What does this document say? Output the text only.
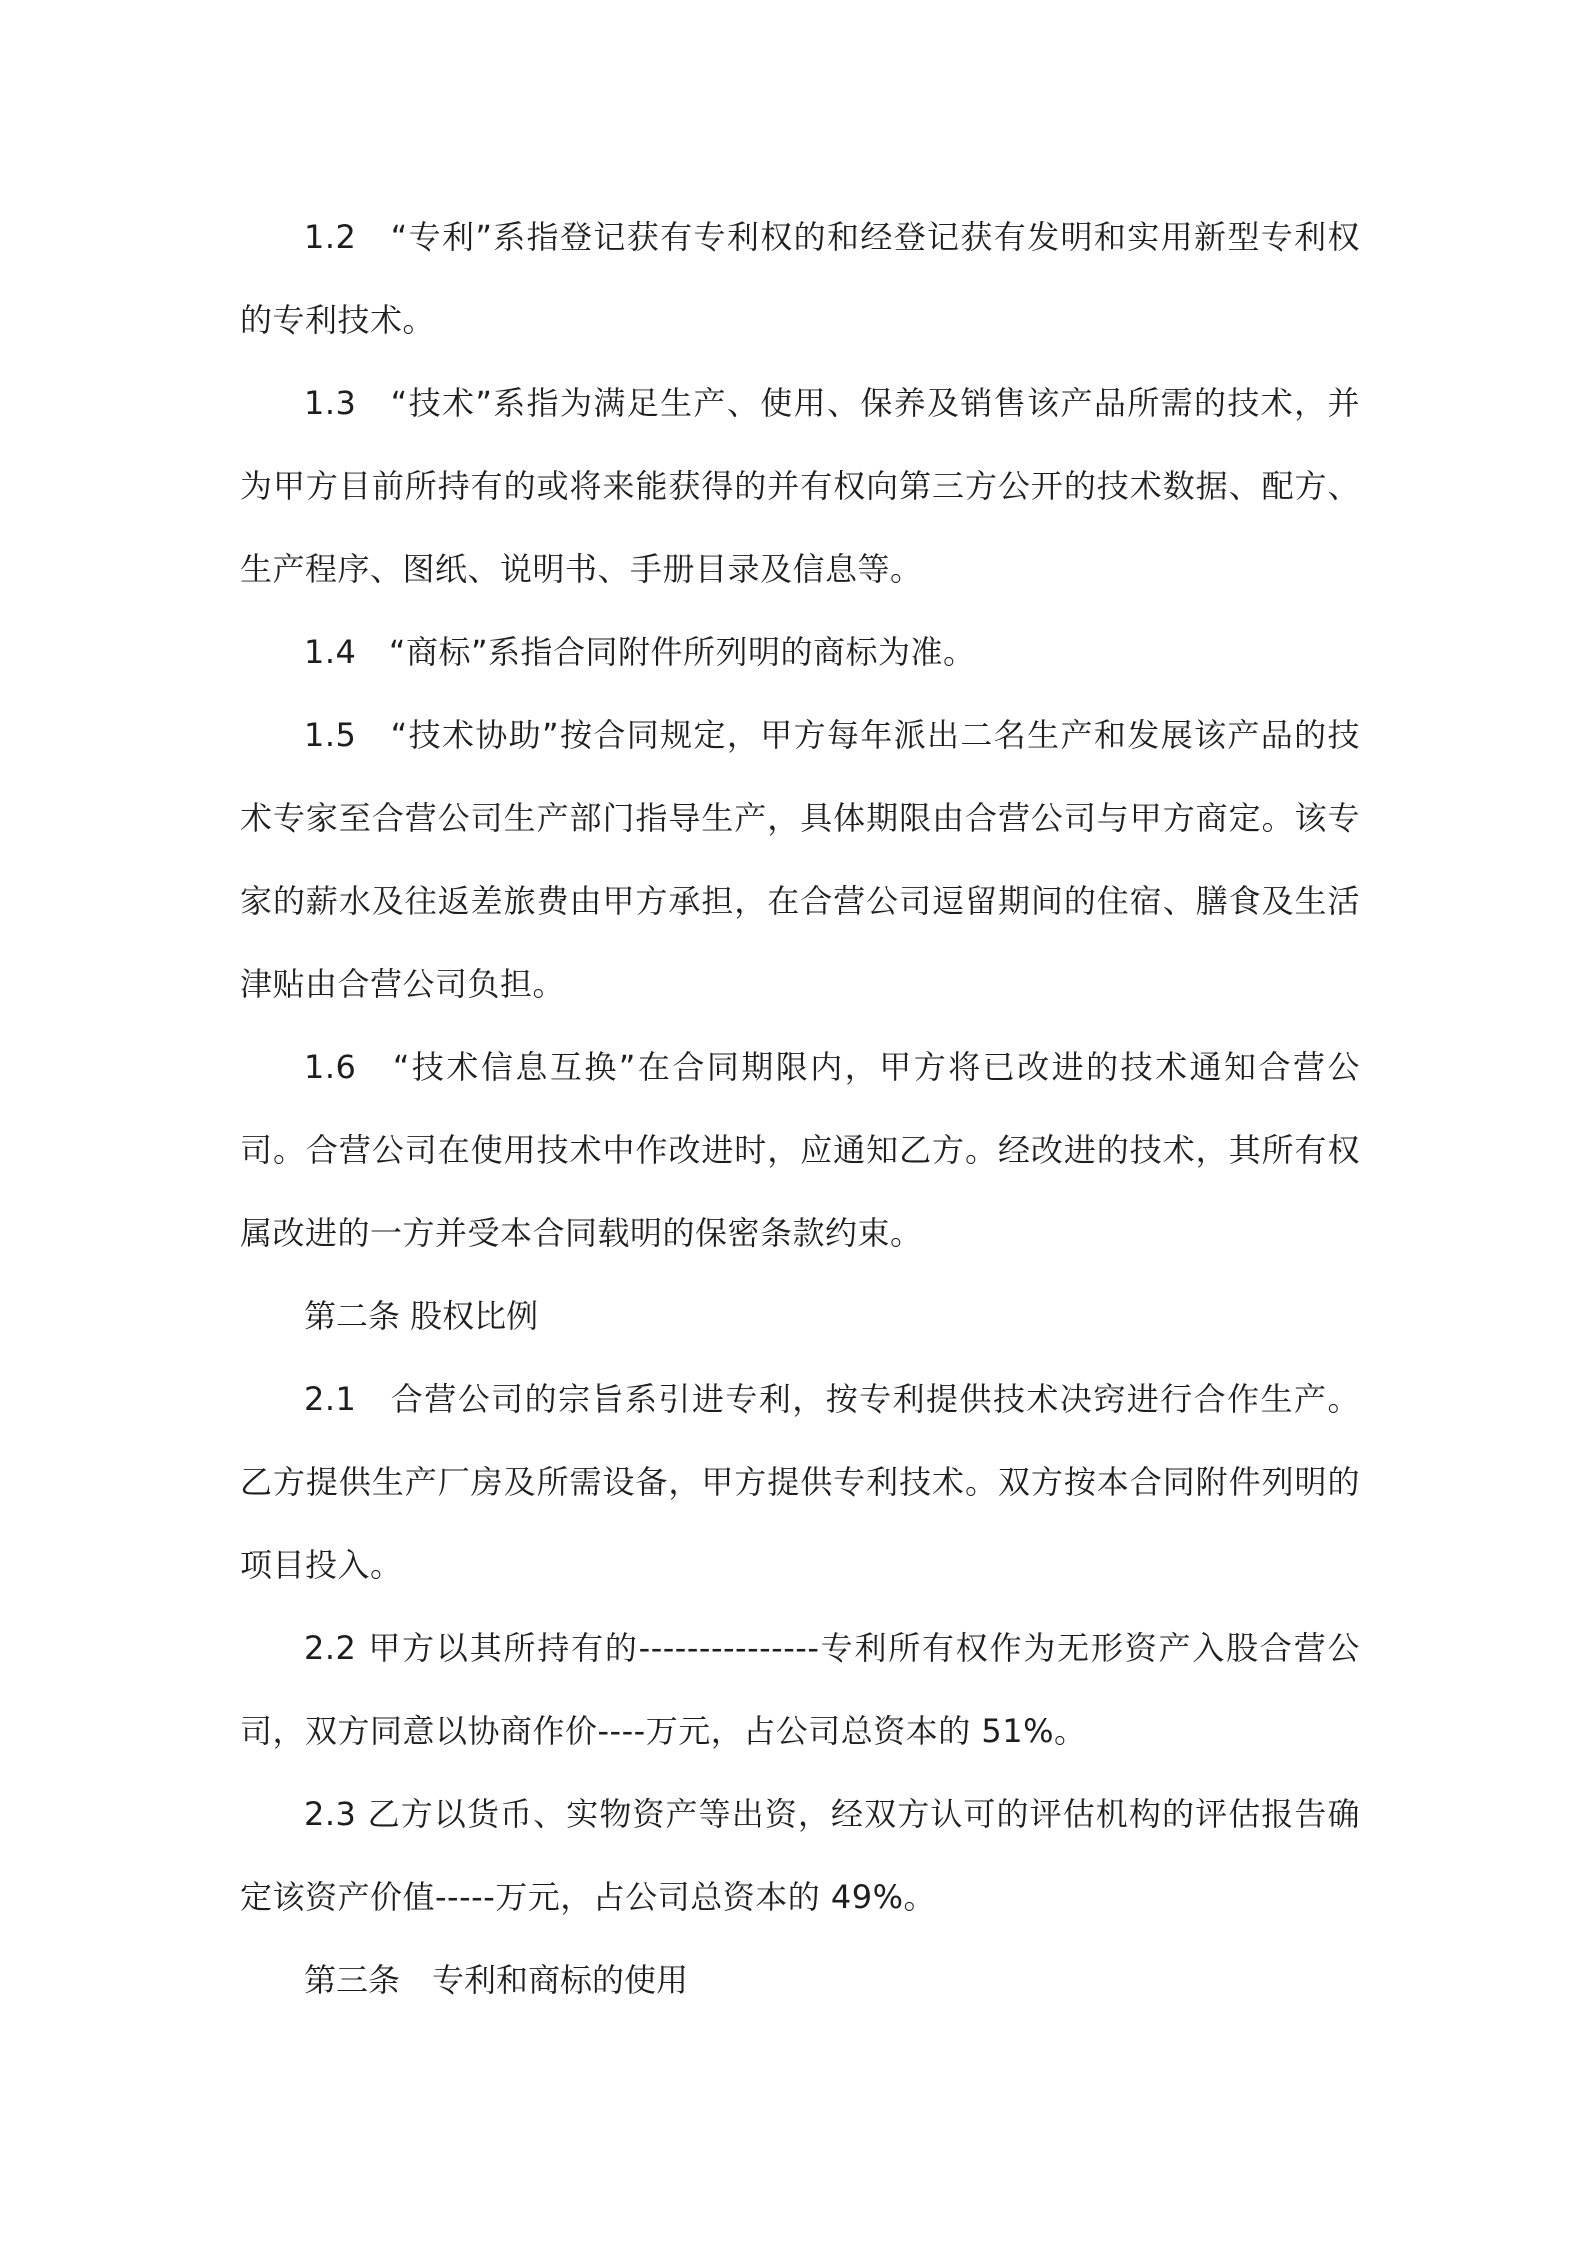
1.2　“专利”系指登记获有专利权的和经登记获有发明和实用新型专利权的专利技术。

1.3　“技术”系指为满足生产、使用、保养及销售该产品所需的技术，并为甲方目前所持有的或将来能获得的并有权向第三方公开的技术数据、配方、生产程序、图纸、说明书、手册目录及信息等。

1.4　“商标”系指合同附件所列明的商标为准。

1.5　“技术协助”按合同规定，甲方每年派出二名生产和发展该产品的技术专家至合营公司生产部门指导生产，具体期限由合营公司与甲方商定。该专家的薪水及往返差旅费由甲方承担，在合营公司逗留期间的住宿、膳食及生活津贴由合营公司负担。

1.6　“技术信息互换”在合同期限内，甲方将已改进的技术通知合营公司。合营公司在使用技术中作改进时，应通知乙方。经改进的技术，其所有权属改进的一方并受本合同载明的保密条款约束。

第二条 股权比例

2.1　合营公司的宗旨系引进专利，按专利提供技术决窍进行合作生产。乙方提供生产厂房及所需设备，甲方提供专利技术。双方按本合同附件列明的项目投入。

2.2 甲方以其所持有的---------------专利所有权作为无形资产入股合营公司，双方同意以协商作价----万元，占公司总资本的 51%。

2.3 乙方以货币、实物资产等出资，经双方认可的评估机构的评估报告确定该资产价值-----万元，占公司总资本的 49%。

第三条　专利和商标的使用
